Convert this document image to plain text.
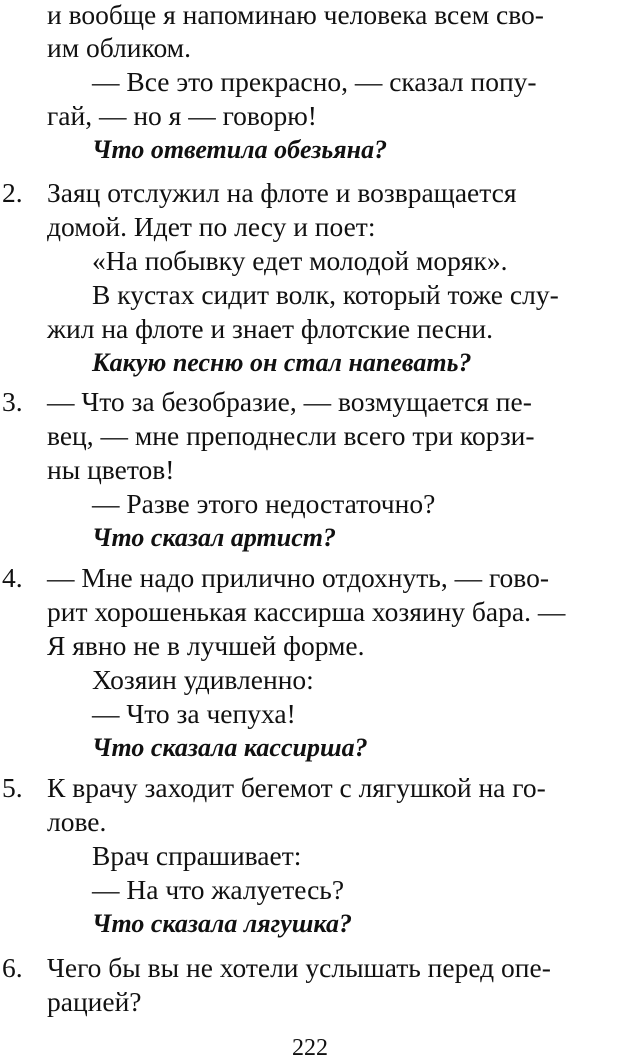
и вообще я напоминаю человека всем сво-
им обликом.
— Все это прекрасно, — сказал попу-
гай, — но я — говорю!
Что ответила обезьяна?
2. Заяц отслужил на флоте и возвращается
домой. Идет по лесу и поет:
«На побывку едет молодой моряк».
В кустах сидит волк, который тоже слу-
жил на флоте и знает флотские песни.
Какую песню он стал напевать?
3. — Что за безобразие, — возмущается пе-
вец, — мне преподнесли всего три корзи-
ны цветов!
— Разве этого недостаточно?
Что сказал артист?
4. — Мне надо прилично отдохнуть, — гово-
рит хорошенькая кассирша хозяину бара. —
Я явно не в лучшей форме.
Хозяин удивленно:
— Что за чепуха!
Что сказала кассирша?
5. К врачу заходит бегемот с лягушкой на го-
лове.
Врач спрашивает:
— На что жалуетесь?
Что сказала лягушка?
6. Чего бы вы не хотели услышать перед опе-
рацией?
222
